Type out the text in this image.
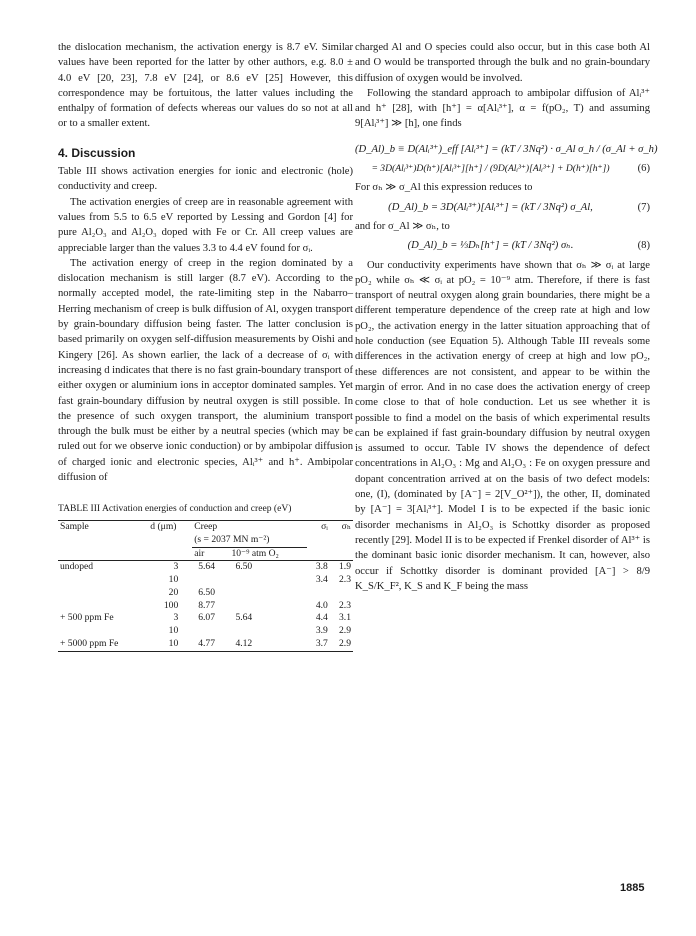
the dislocation mechanism, the activation energy is 8.7 eV. Similar values have been reported for the latter by other authors, e.g. 8.0 ± 4.0 eV [20, 23], 7.8 eV [24], or 8.6 eV [25] However, this correspondence may be fortuitous, the latter values including the enthalpy of formation of defects whereas our values do so not at all or to a smaller extent.

4. Discussion

Table III shows activation energies for ionic and electronic (hole) conductivity and creep.

The activation energies of creep are in reasonable agreement with values from 5.5 to 6.5 eV reported by Lessing and Gordon [4] for pure Al₂O₃ and Al₂O₃ doped with Fe or Cr. All creep values are appreciable larger than the values 3.3 to 4.4 eV found for σᵢ.

The activation energy of creep in the region dominated by a dislocation mechanism is still larger (8.7 eV). According to the normally accepted model, the rate-limiting step in the Nabarro–Herring mechanism of creep is bulk diffusion of Al, oxygen transport by grain-boundary diffusion being faster. The latter conclusion is based primarily on oxygen self-diffusion measurements by Oishi and Kingery [26]. As shown earlier, the lack of a decrease of σᵢ with increasing d indicates that there is no fast grain-boundary transport of either oxygen or aluminium ions in acceptor dominated samples. Yet fast grain-boundary diffusion by neutral oxygen is still possible. In the presence of such oxygen transport, the aluminium transport through the bulk must be either by a neutral species (which may be ruled out for we observe ionic conduction) or by ambipolar diffusion of charged ionic and electronic species, Alᵢ³⁺ and h⁺. Ambipolar diffusion of

TABLE III Activation energies of conduction and creep (eV)
Sample	d (μm)	Creep
(s = 2037 MN m⁻²)		σᵢ	σₕ
		air	10⁻⁹ atm O₂		
undoped	3	5.64	6.50	3.8	1.9
	10			3.4	2.3
	20	6.50			
	100	8.77		4.0	2.3
+ 500 ppm Fe	3	6.07	5.64	4.4	3.1
	10			3.9	2.9
+ 5000 ppm Fe	10	4.77	4.12	3.7	2.9

charged Al and O species could also occur, but in this case both Al and O would be transported through the bulk and no grain-boundary diffusion of oxygen would be involved.

Following the standard approach to ambipolar diffusion of Alᵢ³⁺ and h⁺ [28], with [h⁺] = α[Alᵢ³⁺], α = f(pO₂, T) and assuming 9[Alᵢ³⁺] ≫ [h], one finds

(D_Al)_b ≡ D(Alᵢ³⁺)_eff [Alᵢ³⁺] = (kT / 3Nq²) · σ_Al σ_h / (σ_Al + σ_h)
= 3D(Alᵢ³⁺)D(h⁺)[Alᵢ³⁺][h⁺] / (9D(Alᵢ³⁺)[Alᵢ³⁺] + D(h⁺)[h⁺])	(6)

For σₕ ≫ σ_Al this expression reduces to

(D_Al)_b = 3D(Alᵢ³⁺)[Alᵢ³⁺] = (kT / 3Nq²) σ_Al,	(7)

and for σ_Al ≫ σₕ, to

(D_Al)_b = ⅓Dₕ[h⁺] = (kT / 3Nq²) σₕ.	(8)

Our conductivity experiments have shown that σₕ ≫ σᵢ at large pO₂ while σₕ ≪ σᵢ at pO₂ = 10⁻⁹ atm. Therefore, if there is fast transport of neutral oxygen along grain boundaries, there might be a different temperature dependence of the creep rate at high and low pO₂, the activation energy in the latter situation approaching that of hole conduction (see Equation 5). Although Table III reveals some differences in the activation energy of creep at high and low pO₂, these differences are not consistent, and appear to be within the margin of error. And in no case does the activation energy of creep come close to that of hole conduction. Let us see whether it is possible to find a model on the basis of which experimental results can be explained if fast grain-boundary diffusion by neutral oxygen is assumed to occur. Table IV shows the dependence of defect concentrations in Al₂O₃ : Mg and Al₂O₃ : Fe on oxygen pressure and dopant concentration arrived at on the basis of two defect models: one, (I), (dominated by [A⁻] = 2[V_O²⁺]), the other, II, dominated by [A⁻] = 3[Alᵢ³⁺]. Model I is to be expected if the basic ionic disorder mechanisms in Al₂O₃ is Schottky disorder as proposed recently [29]. Model II is to be expected if Frenkel disorder of Al³⁺ is the dominant basic ionic disorder mechanism. It can, however, also occur if Schottky disorder is dominant provided [A⁻] > 8/9 K_S/K_F², K_S and K_F being the mass

1885
